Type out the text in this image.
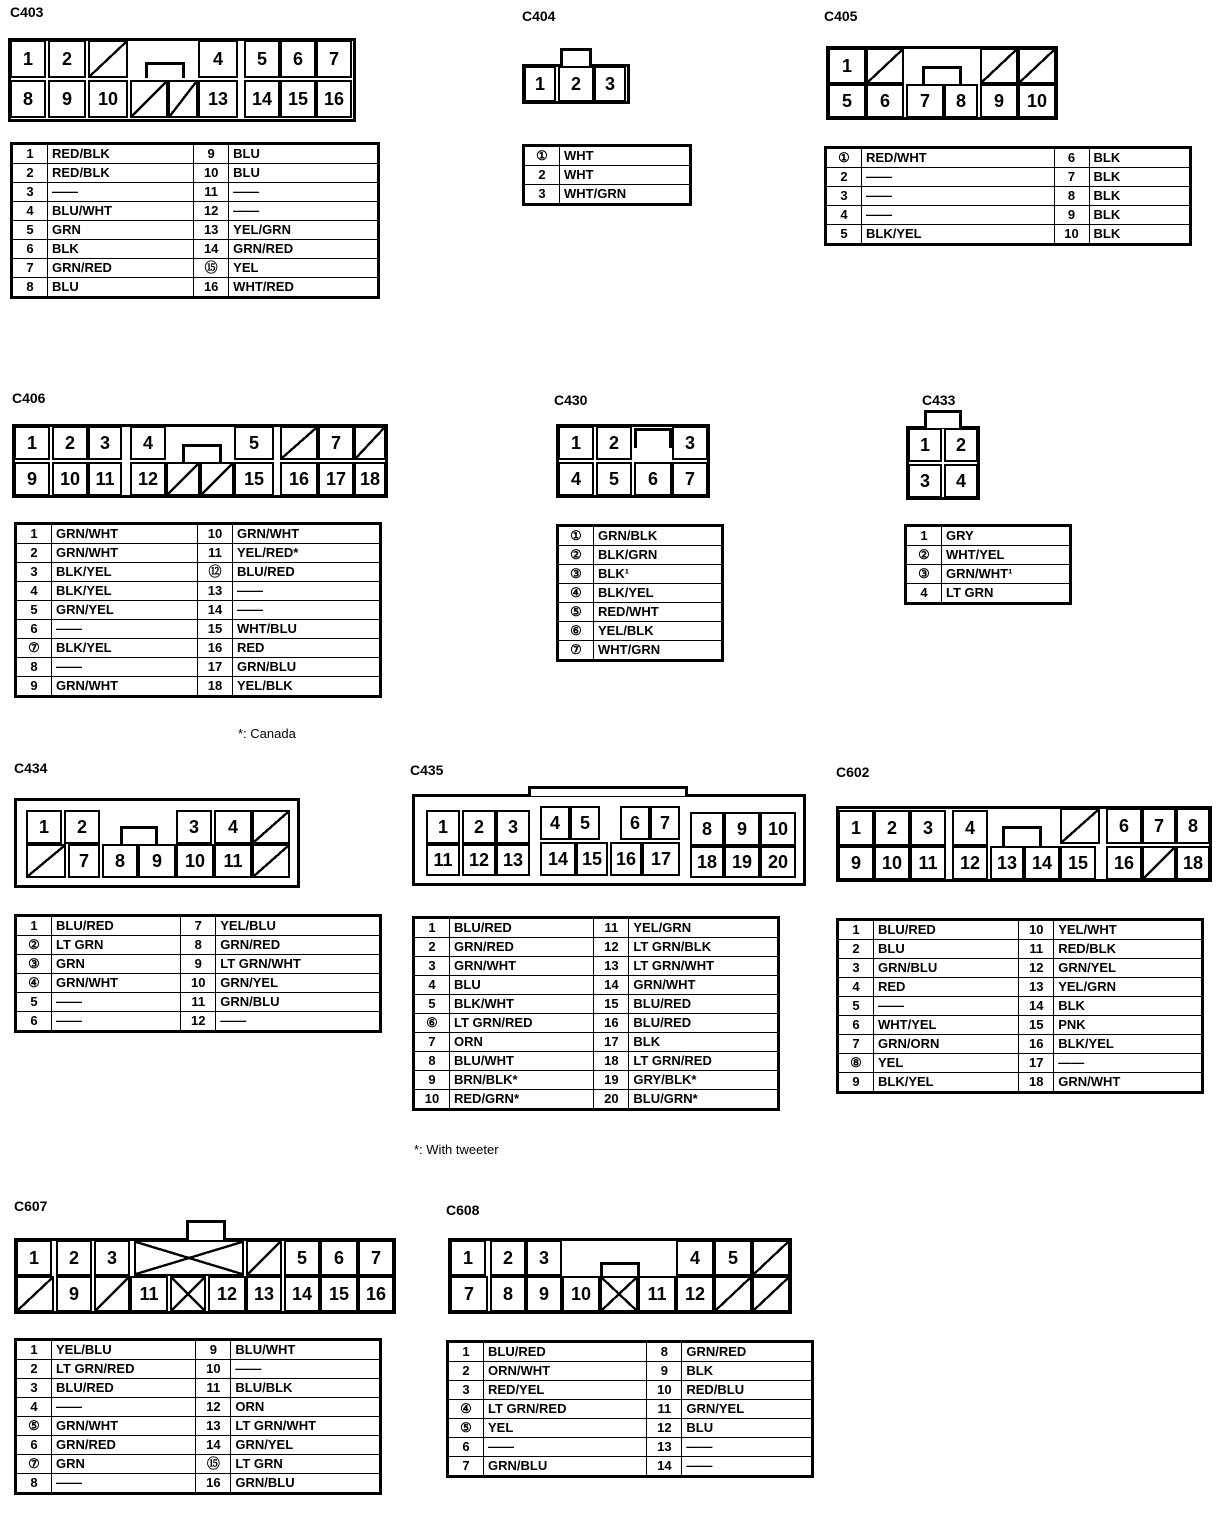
C403
1	2	4	5	6	7
8	9	10	13	14 15 16
1	RED/BLK	9	BLU
2	RED/BLK	10	BLU
3	——	11	——
4	BLU/WHT	12	——
5	GRN	13	YEL/GRN
6	BLK	14	GRN/RED
7	GRN/RED	⑮	YEL
8	BLU	16	WHT/RED
C404
1	2	3
①	WHT
2	WHT
3	WHT/GRN
C405
1
5	6	7	8	9	10
①	RED/WHT	6	BLK
2	——	7	BLK
3	——	8	BLK
4	——	9	BLK
5	BLK/YEL	10	BLK
C406
1	2	3	4	5	7
9	10 11	12	15	16 17 18
1	GRN/WHT	10	GRN/WHT
2	GRN/WHT	11	YEL/RED*
3	BLK/YEL	⑫	BLU/RED
4	BLK/YEL	13	——
5	GRN/YEL	14	——
6	——	15	WHT/BLU
⑦	BLK/YEL	16	RED
8	——	17	GRN/BLU
9	GRN/WHT	18	YEL/BLK
*: Canada
C430
1	2	3
4	5	6	7
①	GRN/BLK
②	BLK/GRN
③	BLK¹
④	BLK/YEL
⑤	RED/WHT
⑥	YEL/BLK
⑦	WHT/GRN
C433
1	2
3	4
1	GRY
②	WHT/YEL
③	GRN/WHT¹
4	LT GRN
C434
1	2	3	4
7	8	9	10	11
1	BLU/RED	7	YEL/BLU
②	LT GRN	8	GRN/RED
③	GRN	9	LT GRN/WHT
④	GRN/WHT	10	GRN/YEL
5	——	11	GRN/BLU
6	——	12	——
C435
1	2	3	4	5	6	7	8	9	10
11 12 13	14 15 16 17	18 19 20
1	BLU/RED	11	YEL/GRN
2	GRN/RED	12	LT GRN/BLK
3	GRN/WHT	13	LT GRN/WHT
4	BLU	14	GRN/WHT
5	BLK/WHT	15	BLU/RED
⑥	LT GRN/RED	16	BLU/RED
7	ORN	17	BLK
8	BLU/WHT	18	LT GRN/RED
9	BRN/BLK*	19	GRY/BLK*
10	RED/GRN*	20	BLU/GRN*
*: With tweeter
C602
1	2	3	4	6	7	8
9	10 11	12 13 14 15	16	18
1	BLU/RED	10	YEL/WHT
2	BLU	11	RED/BLK
3	GRN/BLU	12	GRN/YEL
4	RED	13	YEL/GRN
5	——	14	BLK
6	WHT/YEL	15	PNK
7	GRN/ORN	16	BLK/YEL
⑧	YEL	17	——
9	BLK/YEL	18	GRN/WHT
C607
1	2	3	5	6	7
9	11	12 13 14 15 16
1	YEL/BLU	9	BLU/WHT
2	LT GRN/RED	10	——
3	BLU/RED	11	BLU/BLK
4	——	12	ORN
⑤	GRN/WHT	13	LT GRN/WHT
6	GRN/RED	14	GRN/YEL
⑦	GRN	⑮	LT GRN
8	——	16	GRN/BLU
C608
1	2	3	4	5
7	8	9	10	11	12
1	BLU/RED	8	GRN/RED
2	ORN/WHT	9	BLK
3	RED/YEL	10	RED/BLU
④	LT GRN/RED	11	GRN/YEL
⑤	YEL	12	BLU
6	——	13	——
7	GRN/BLU	14	——
